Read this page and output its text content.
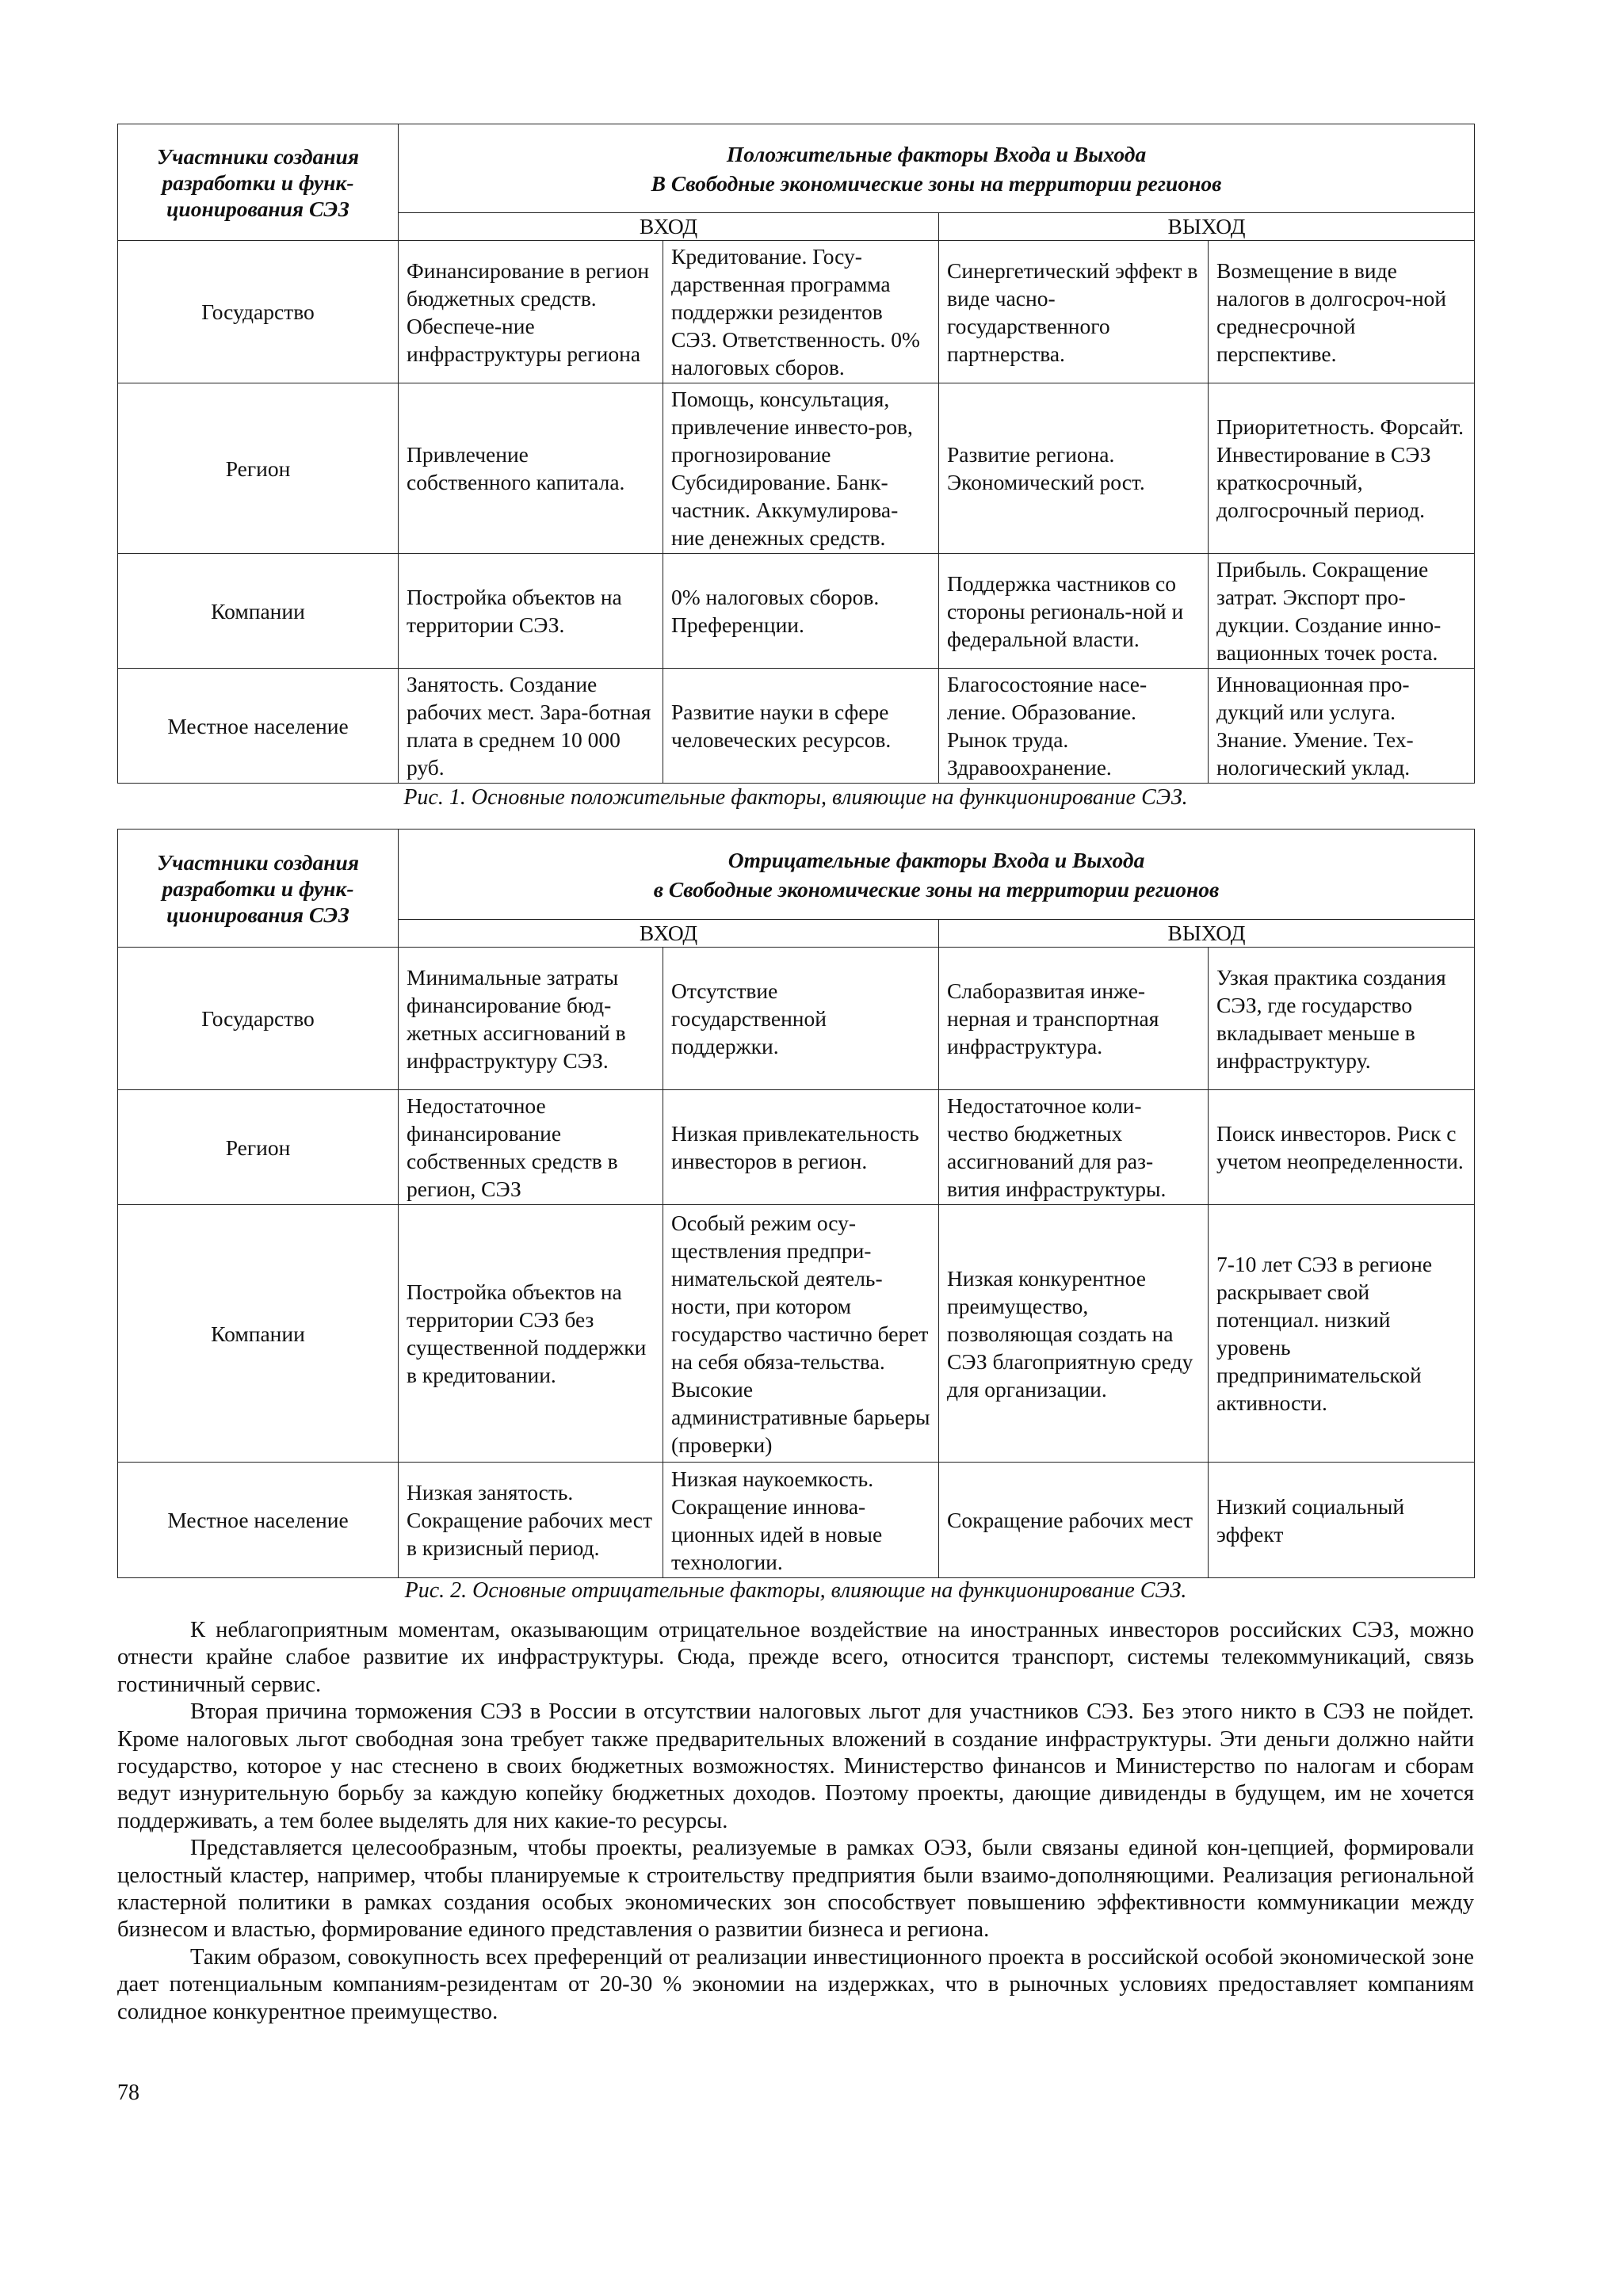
Участники создания разработки и функ-ционирования СЭЗ	Положительные факторы Входа и Выхода
В Свободные экономические зоны на территории регионов			

	ВХОД		ВЫХОД	
Государство	Финансирование в регион бюджетных средств. Обеспече-ние инфраструктуры региона	Кредитование. Госу-дарственная программа поддержки резидентов СЭЗ. Ответственность. 0% налоговых сборов.	Синергетический эффект в виде часно-государственного партнерства.	Возмещение в виде налогов в долгосроч-ной среднесрочной перспективе.
Регион	Привлечение собственного капитала.	Помощь, консультация, привлечение инвесто-ров, прогнозирование Субсидирование. Банк-частник. Аккумулирова-ние денежных средств.	Развитие региона. Экономический рост.	Приоритетность. Форсайт. Инвестирование в СЭЗ краткосрочный, долгосрочный период.
Компании	Постройка объектов на территории СЭЗ.	0% налоговых сборов. Преференции.	Поддержка частников со стороны региональ-ной и федеральной власти.	Прибыль. Сокращение затрат. Экспорт про-дукции. Создание инно-вационных точек роста.
Местное население	Занятость. Создание рабочих мест. Зара-ботная плата в среднем 10 000 руб.	Развитие науки в сфере человеческих ресурсов.	Благосостояние насе-ление. Образование. Рынок труда. Здравоохранение.	Инновационная про-дукций или услуга. Знание. Умение. Тех-нологический уклад.
Рис. 1. Основные положительные факторы, влияющие на функционирование СЭЗ.
Участники создания разработки и функ-ционирования СЭЗ	Отрицательные факторы Входа и Выхода
в Свободные экономические зоны на территории регионов			

	ВХОД		ВЫХОД	
Государство	Минимальные затраты финансирование бюд-жетных ассигнований в инфраструктуру СЭЗ.	Отсутствие государственной поддержки.	Слаборазвитая инже-нерная и транспортная инфраструктура.	Узкая практика создания СЭЗ, где государство вкладывает меньше в инфраструктуру.
Регион	Недостаточное финансирование собственных средств в регион, СЭЗ	Низкая привлекательность инвесторов в регион.	Недостаточное коли-чество бюджетных ассигнований для раз-вития инфраструктуры.	Поиск инвесторов. Риск с учетом неопределенности.
Компании	Постройка объектов на территории СЭЗ без существенной поддержки в кредитовании.	Особый режим осу-ществления предпри-нимательской деятель-ности, при котором государство частично берет на себя обяза-тельства. Высокие административные барьеры (проверки)	Низкая конкурентное преимущество, позволяющая создать на СЭЗ благоприятную среду для организации.	7-10 лет СЭЗ в регионе раскрывает свой потенциал. низкий уровень предпринимательской активности.
Местное население	Низкая занятость. Сокращение рабочих мест в кризисный период.	Низкая наукоемкость. Сокращение иннова-ционных идей в новые технологии.	Сокращение рабочих мест	Низкий социальный эффект
Рис. 2. Основные отрицательные факторы, влияющие на функционирование СЭЗ.

К неблагоприятным моментам, оказывающим отрицательное воздействие на иностранных инвесторов российских СЭЗ, можно отнести крайне слабое развитие их инфраструктуры. Сюда, прежде всего, относится транспорт, системы телекоммуникаций, связь гостиничный сервис.

Вторая причина торможения СЭЗ в России в отсутствии налоговых льгот для участников СЭЗ. Без этого никто в СЭЗ не пойдет. Кроме налоговых льгот свободная зона требует также предварительных вложений в создание инфраструктуры. Эти деньги должно найти государство, которое у нас стеснено в своих бюджетных возможностях. Министерство финансов и Министерство по налогам и сборам ведут изнурительную борьбу за каждую копейку бюджетных доходов. Поэтому проекты, дающие дивиденды в будущем, им не хочется поддерживать, а тем более выделять для них какие-то ресурсы.

Представляется целесообразным, чтобы проекты, реализуемые в рамках ОЭЗ, были связаны единой кон-цепцией, формировали целостный кластер, например, чтобы планируемые к строительству предприятия были взаимо-дополняющими. Реализация региональной кластерной политики в рамках создания особых экономических зон способствует повышению эффективности коммуникации между бизнесом и властью, формирование единого представления о развитии бизнеса и региона.

Таким образом, совокупность всех преференций от реализации инвестиционного проекта в российской особой экономической зоне дает потенциальным компаниям-резидентам от 20-30 % экономии на издержках, что в рыночных условиях предоставляет компаниям солидное конкурентное преимущество.

78
